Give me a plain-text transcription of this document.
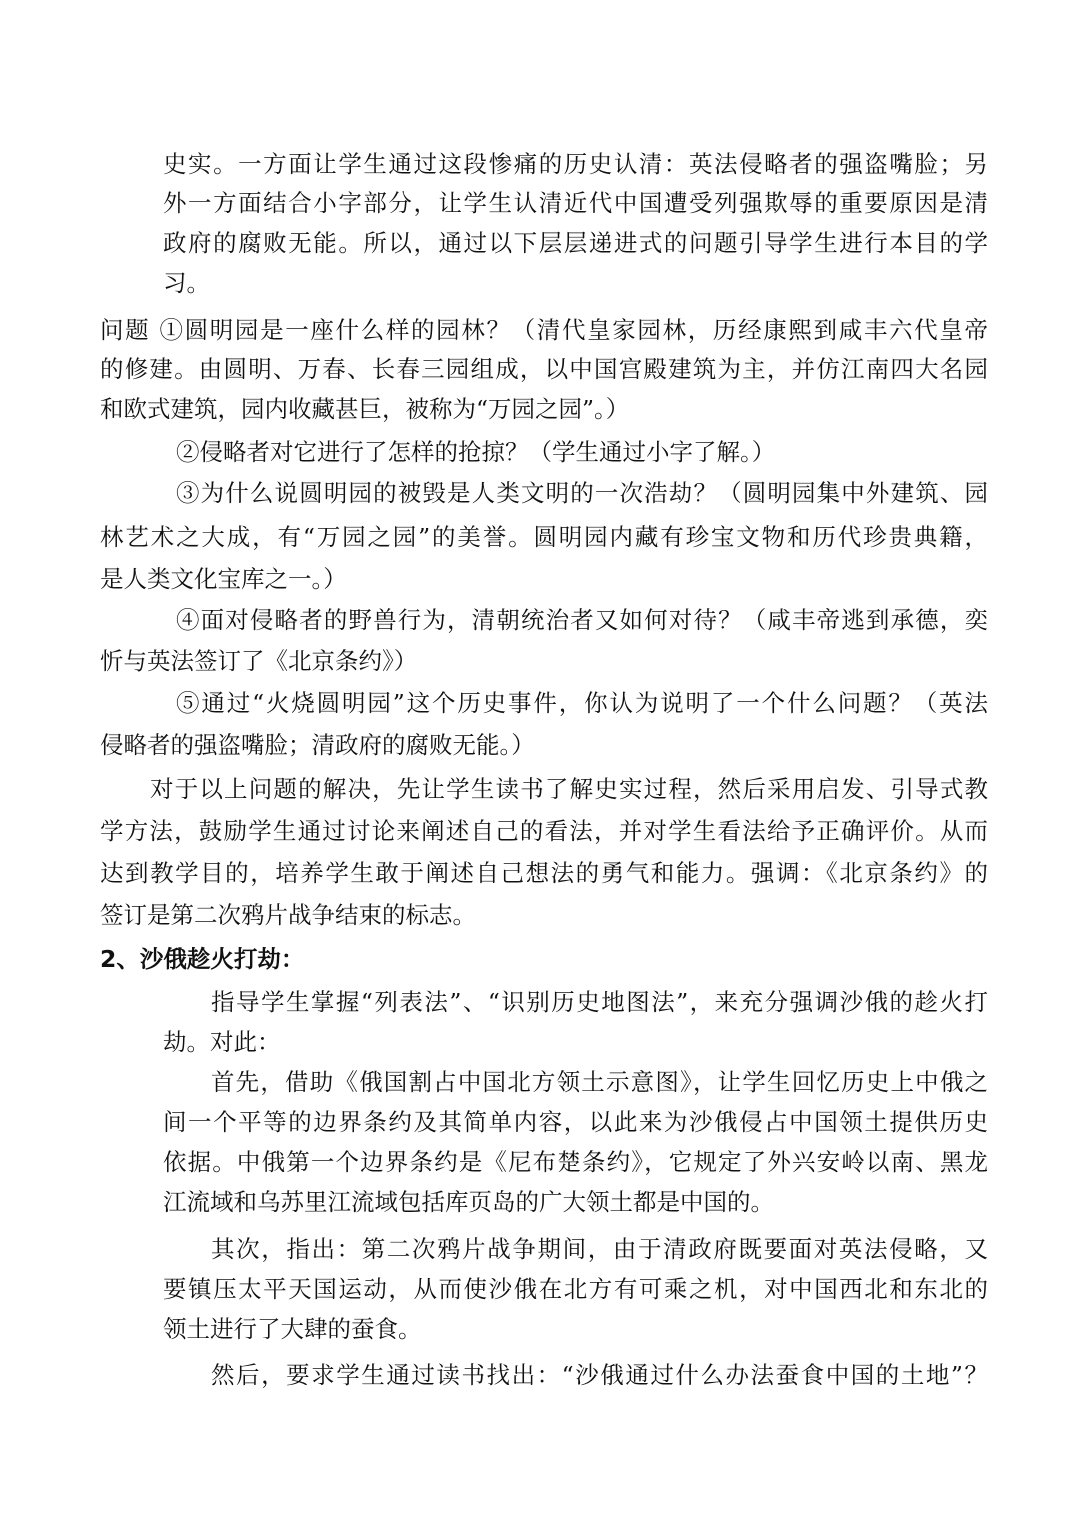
史实。一方面让学生通过这段惨痛的历史认清：英法侵略者的强盗嘴脸；另
外一方面结合小字部分，让学生认清近代中国遭受列强欺辱的重要原因是清
政府的腐败无能。所以，通过以下层层递进式的问题引导学生进行本目的学
习。
问题 ①圆明园是一座什么样的园林？（清代皇家园林，历经康熙到咸丰六代皇帝
的修建。由圆明、万春、长春三园组成，以中国宫殿建筑为主，并仿江南四大名园
和欧式建筑，园内收藏甚巨，被称为“万园之园”。）
②侵略者对它进行了怎样的抢掠？（学生通过小字了解。）
③为什么说圆明园的被毁是人类文明的一次浩劫？（圆明园集中外建筑、园
林艺术之大成，有“万园之园”的美誉。圆明园内藏有珍宝文物和历代珍贵典籍，
是人类文化宝库之一。）
④面对侵略者的野兽行为，清朝统治者又如何对待？（咸丰帝逃到承德，奕
忻与英法签订了《北京条约》）
⑤通过“火烧圆明园”这个历史事件，你认为说明了一个什么问题？（英法
侵略者的强盗嘴脸；清政府的腐败无能。）
对于以上问题的解决，先让学生读书了解史实过程，然后采用启发、引导式教
学方法，鼓励学生通过讨论来阐述自己的看法，并对学生看法给予正确评价。从而
达到教学目的，培养学生敢于阐述自己想法的勇气和能力。强调：《北京条约》的
签订是第二次鸦片战争结束的标志。
2、沙俄趁火打劫：
指导学生掌握“列表法”、“识别历史地图法”，来充分强调沙俄的趁火打
劫。对此：
首先，借助《俄国割占中国北方领土示意图》，让学生回忆历史上中俄之
间一个平等的边界条约及其简单内容，以此来为沙俄侵占中国领土提供历史
依据。中俄第一个边界条约是《尼布楚条约》，它规定了外兴安岭以南、黑龙
江流域和乌苏里江流域包括库页岛的广大领土都是中国的。
其次，指出：第二次鸦片战争期间，由于清政府既要面对英法侵略，又
要镇压太平天国运动，从而使沙俄在北方有可乘之机，对中国西北和东北的
领土进行了大肆的蚕食。
然后，要求学生通过读书找出：“沙俄通过什么办法蚕食中国的土地”？
